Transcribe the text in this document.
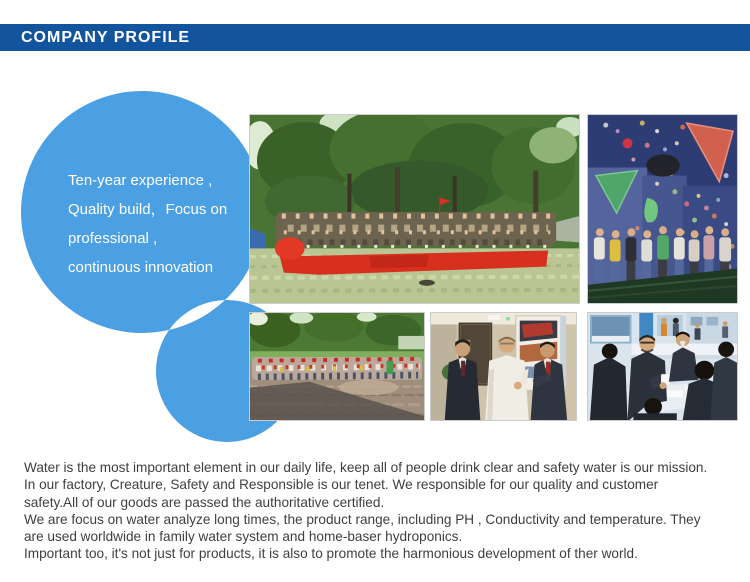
COMPANY PROFILE
Ten-year experience ,
Quality build，Focus on
professional ,
continuous innovation
Water is the most important element in our daily life, keep all of people drink clear and safety water is our mission.
In our factory, Creature, Safety and Responsible is our tenet. We responsible for our quality and customer
safety.All of our goods are passed the authoritative certified.
We are focus on water analyze long times, the product range, including PH , Conductivity and temperature. They
are used worldwide in family water system and home-baser hydroponics.
Important too, it's not just for products, it is also to promote the harmonious development of ther world.
